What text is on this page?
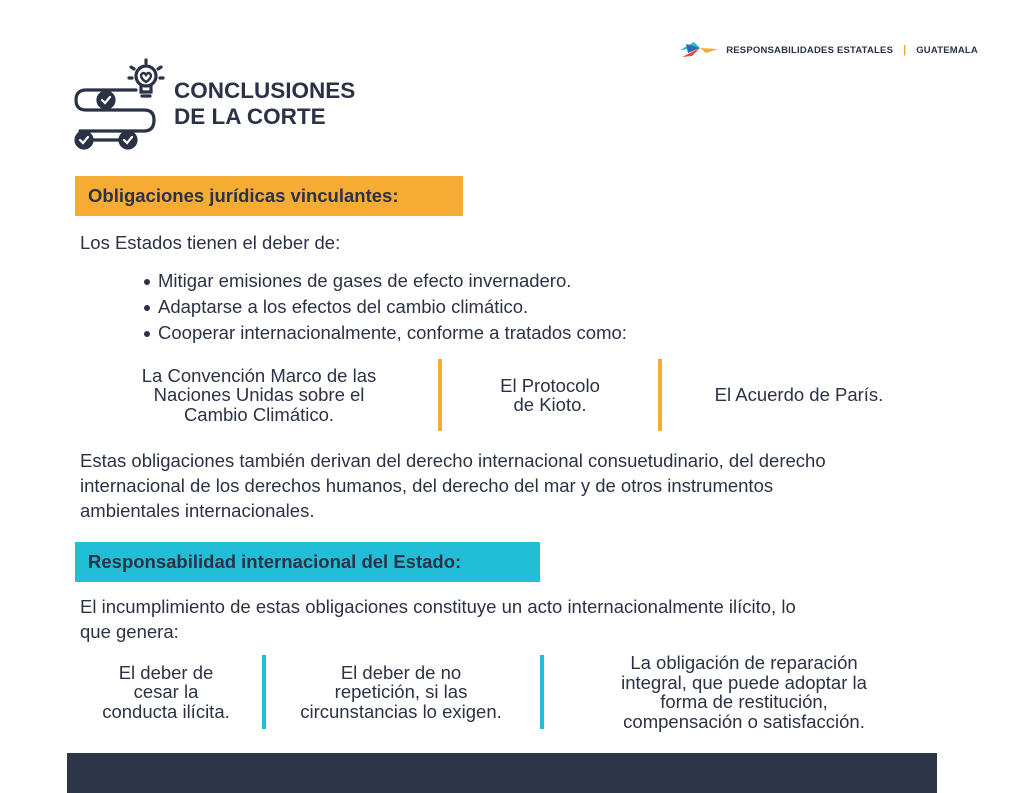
RESPONSABILIDADES ESTATALES | GUATEMALA
CONCLUSIONES
DE LA CORTE
Obligaciones jurídicas vinculantes:
Los Estados tienen el deber de:
Mitigar emisiones de gases de efecto invernadero.
Adaptarse a los efectos del cambio climático.
Cooperar internacionalmente, conforme a tratados como:
La Convención Marco de las
Naciones Unidas sobre el
Cambio Climático.
El Protocolo
de Kioto.	El Acuerdo de París.
Estas obligaciones también derivan del derecho internacional consuetudinario, del derecho
internacional de los derechos humanos, del derecho del mar y de otros instrumentos
ambientales internacionales.
Responsabilidad internacional del Estado:
El incumplimiento de estas obligaciones constituye un acto internacionalmente ilícito, lo
que genera:
El deber de
cesar la
conducta ilícita.
El deber de no
repetición, si las
circunstancias lo exigen.
La obligación de reparación
integral, que puede adoptar la
forma de restitución,
compensación o satisfacción.
